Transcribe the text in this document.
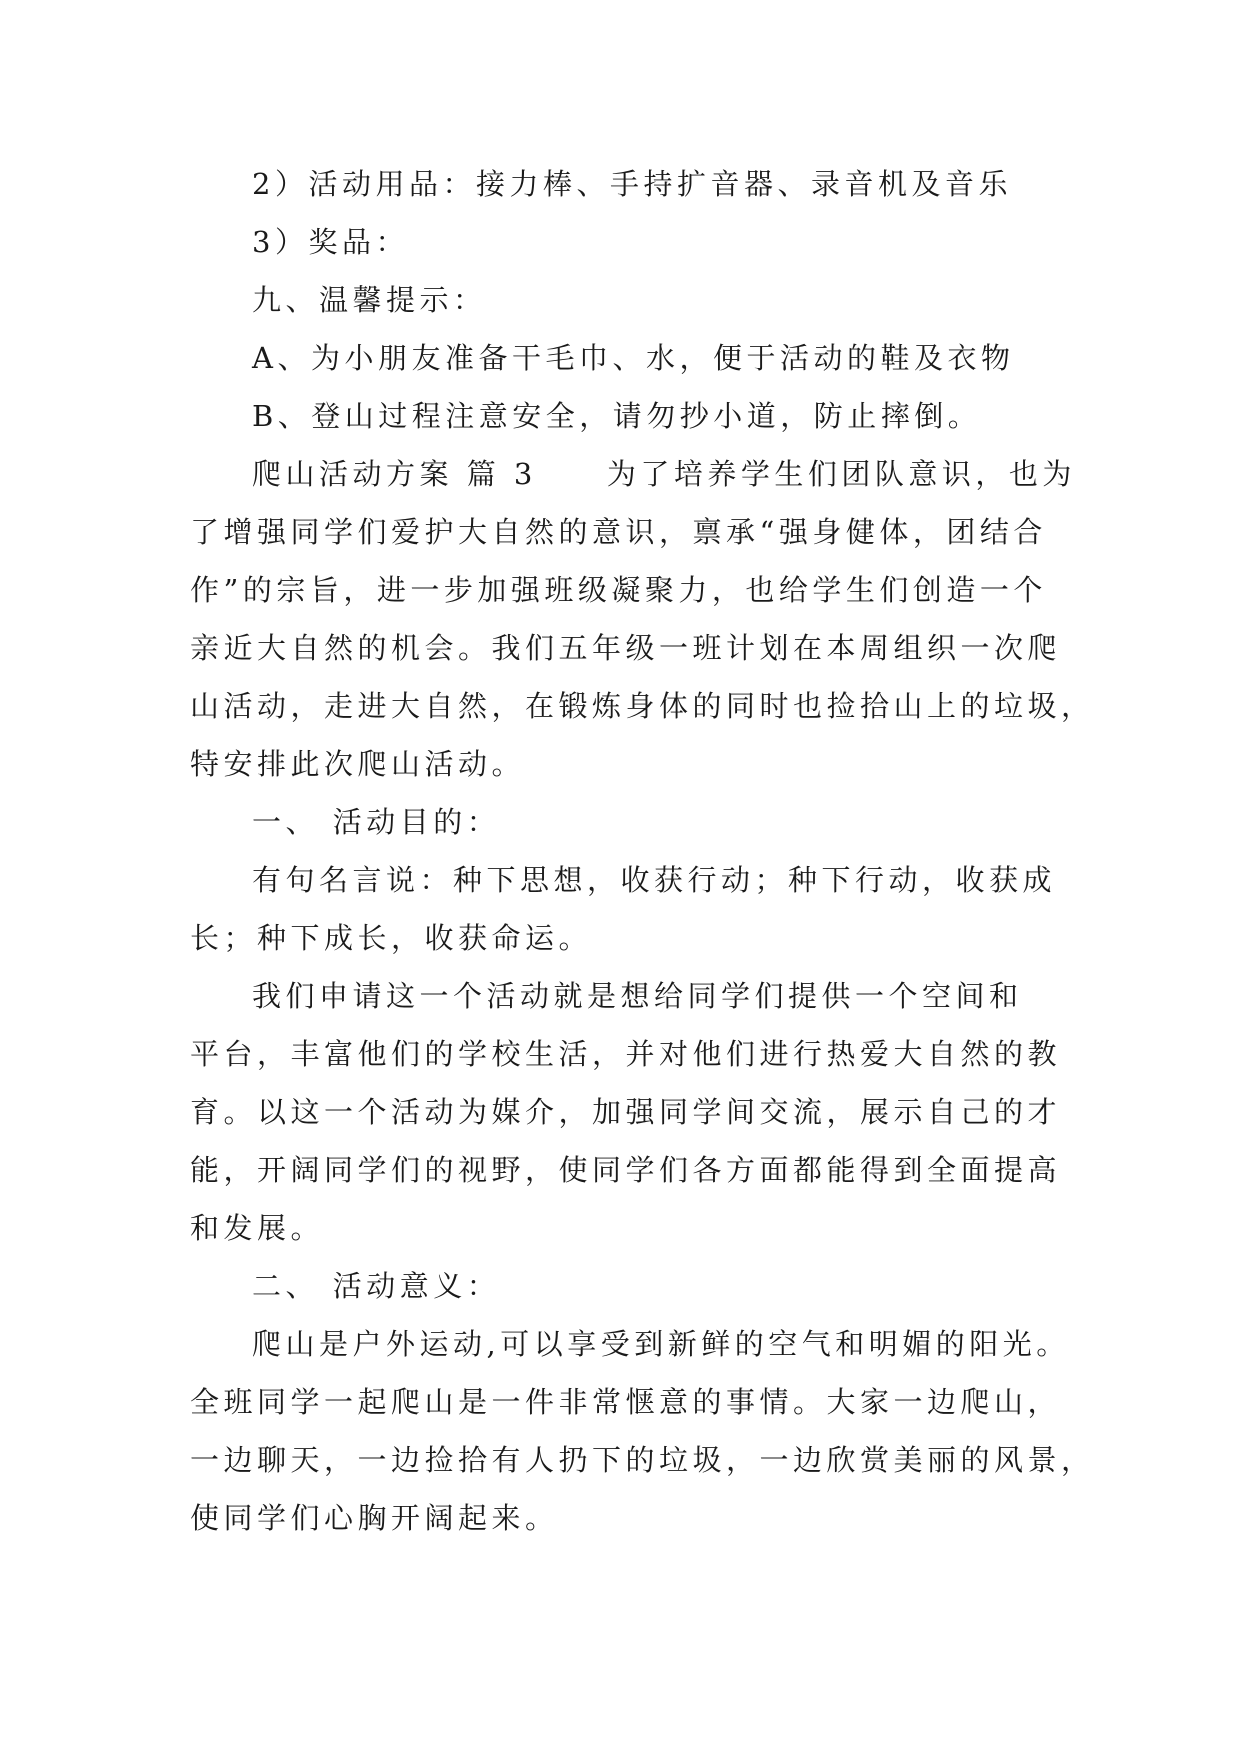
2）活动用品：接力棒、手持扩音器、录音机及音乐
3）奖品：
九、温馨提示：
A、为小朋友准备干毛巾、水，便于活动的鞋及衣物
B、登山过程注意安全，请勿抄小道，防止摔倒。
爬山活动方案 篇 3 为了培养学生们团队意识，也为
了增强同学们爱护大自然的意识，禀承“强身健体，团结合
作”的宗旨，进一步加强班级凝聚力，也给学生们创造一个
亲近大自然的机会。我们五年级一班计划在本周组织一次爬
山活动，走进大自然，在锻炼身体的同时也捡拾山上的垃圾，
特安排此次爬山活动。
一、 活动目的：
有句名言说：种下思想，收获行动；种下行动，收获成
长；种下成长，收获命运。
我们申请这一个活动就是想给同学们提供一个空间和
平台，丰富他们的学校生活，并对他们进行热爱大自然的教
育。以这一个活动为媒介，加强同学间交流，展示自己的才
能，开阔同学们的视野，使同学们各方面都能得到全面提高
和发展。
二、 活动意义：
爬山是户外运动,可以享受到新鲜的空气和明媚的阳光。
全班同学一起爬山是一件非常惬意的事情。大家一边爬山，
一边聊天，一边捡拾有人扔下的垃圾，一边欣赏美丽的风景，
使同学们心胸开阔起来。
